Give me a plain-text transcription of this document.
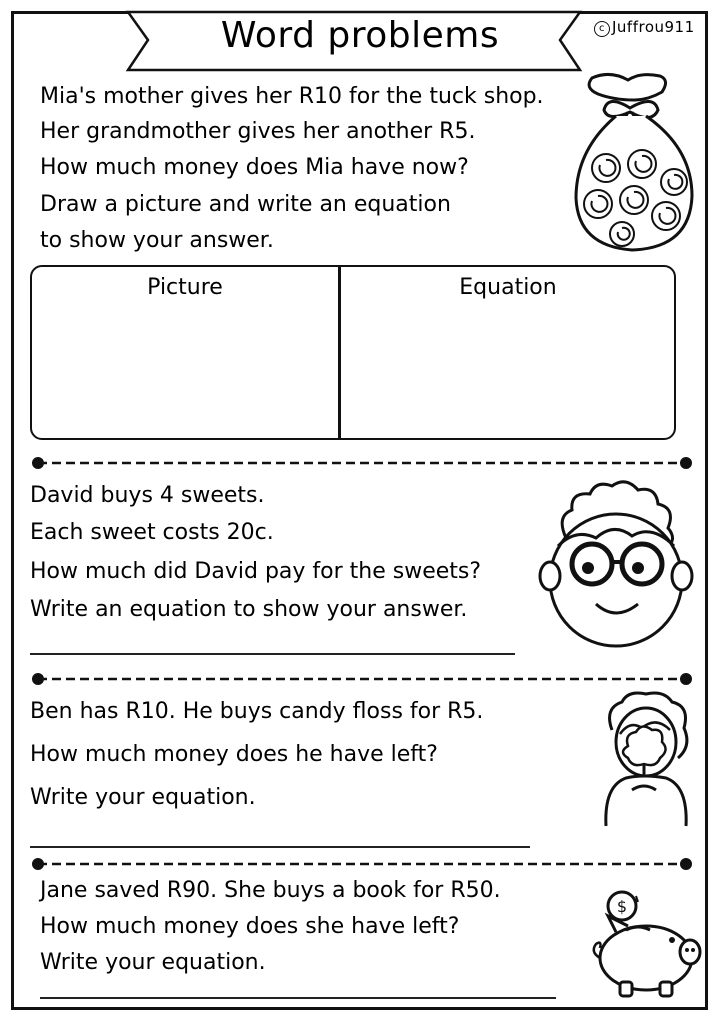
Word problems	c Juffrou911
Mia's mother gives her R10 for the tuck shop.
Her grandmother gives her another R5.
How much money does Mia have now?
Draw a picture and write an equation
to show your answer.
Picture	Equation
David buys 4 sweets.
Each sweet costs 20c.
How much did David pay for the sweets?
Write an equation to show your answer.
Ben has R10. He buys candy floss for R5.
How much money does he have left?
Write your equation.
Jane saved R90. She buys a book for R50.
How much money does she have left?
Write your equation.
$
